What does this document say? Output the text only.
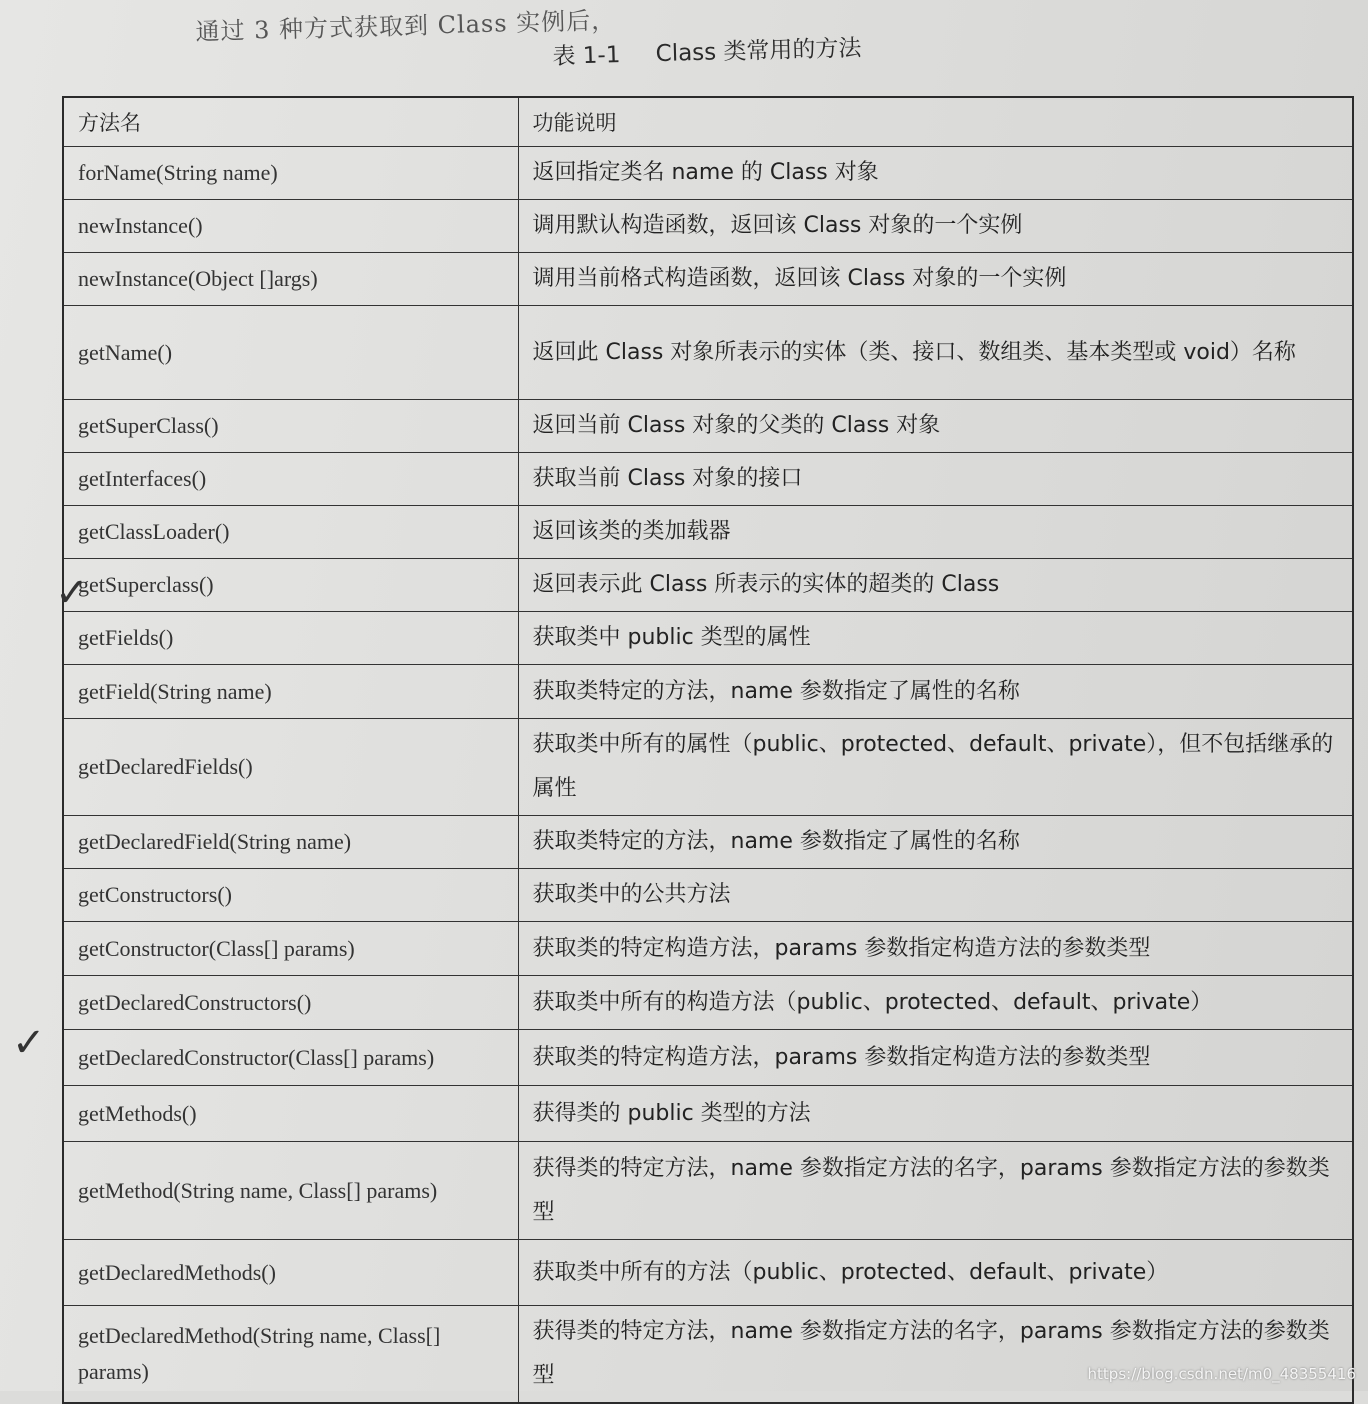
通过 3 种方式获取到 Class 实例后，
表 1-1 Class 类常用的方法
方法名	功能说明
forName(String name)	返回指定类名 name 的 Class 对象
newInstance()	调用默认构造函数，返回该 Class 对象的一个实例
newInstance(Object []args)	调用当前格式构造函数，返回该 Class 对象的一个实例
getName()	返回此 Class 对象所表示的实体（类、接口、数组类、基本类型或 void）名称
getSuperClass()	返回当前 Class 对象的父类的 Class 对象
getInterfaces()	获取当前 Class 对象的接口
getClassLoader()	返回该类的类加载器
getSuperclass()	返回表示此 Class 所表示的实体的超类的 Class
getFields()	获取类中 public 类型的属性
getField(String name)	获取类特定的方法，name 参数指定了属性的名称
getDeclaredFields()	获取类中所有的属性（public、protected、default、private），但不包括继承的属性
getDeclaredField(String name)	获取类特定的方法，name 参数指定了属性的名称
getConstructors()	获取类中的公共方法
getConstructor(Class[] params)	获取类的特定构造方法，params 参数指定构造方法的参数类型
getDeclaredConstructors()	获取类中所有的构造方法（public、protected、default、private）
getDeclaredConstructor(Class[] params)	获取类的特定构造方法，params 参数指定构造方法的参数类型
getMethods()	获得类的 public 类型的方法
getMethod(String name, Class[] params)	获得类的特定方法，name 参数指定方法的名字，params 参数指定方法的参数类型
getDeclaredMethods()	获取类中所有的方法（public、protected、default、private）
getDeclaredMethod(String name, Class[] params)	获得类的特定方法，name 参数指定方法的名字，params 参数指定方法的参数类型
✓
✓
https://blog.csdn.net/m0_48355416
